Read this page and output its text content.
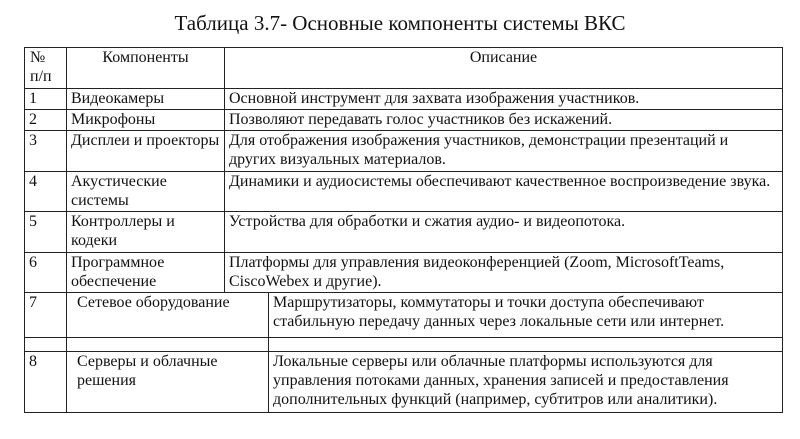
Таблица 3.7- Основные компоненты системы ВКС
№ п/п	Компоненты	Описание	
1	Видеокамеры	Основной инструмент для захвата изображения участников.	
2	Микрофоны	Позволяют передавать голос участников без искажений.	
3	Дисплеи и проекторы	Для отображения изображения участников, демонстрации презентаций и других визуальных материалов.	
4	Акустические системы	Динамики и аудиосистемы обеспечивают качественное воспроизведение звука.	
5	Контроллеры и кодеки	Устройства для обработки и сжатия аудио- и видеопотока.	
6	Программное обеспечение	Платформы для управления видеоконференцией (Zoom, MicrosoftTeams, CiscoWebex и другие).	
7	Сетевое оборудование		Маршрутизаторы, коммутаторы и точки доступа обеспечивают стабильную передачу данных через локальные сети или интернет.

8	Серверы и облачные решения		Локальные серверы или облачные платформы используются для управления потоками данных, хранения записей и предоставления дополнительных функций (например, субтитров или аналитики).
